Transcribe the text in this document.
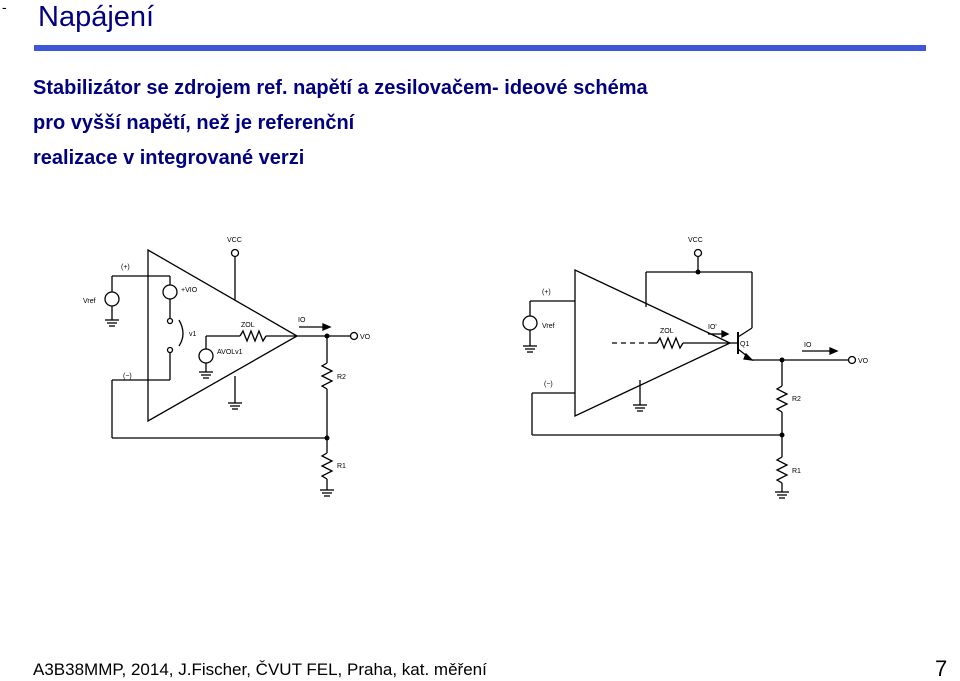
- Napájení
Stabilizátor se zdrojem ref. napětí a zesilovačem- ideové schéma
pro vyšší napětí, než je referenční
realizace v integrované verzi
VCC
(+)
Vref
+VIO
v1
ZOL
AVOLv1
IO
VO
(−)	R2
R1
VCC
(+)
Vref
ZOL
IO'
Q1	IO
VO
(−)
R2
R1
A3B38MMP, 2014, J.Fischer, ČVUT FEL, Praha, kat. měření	7
